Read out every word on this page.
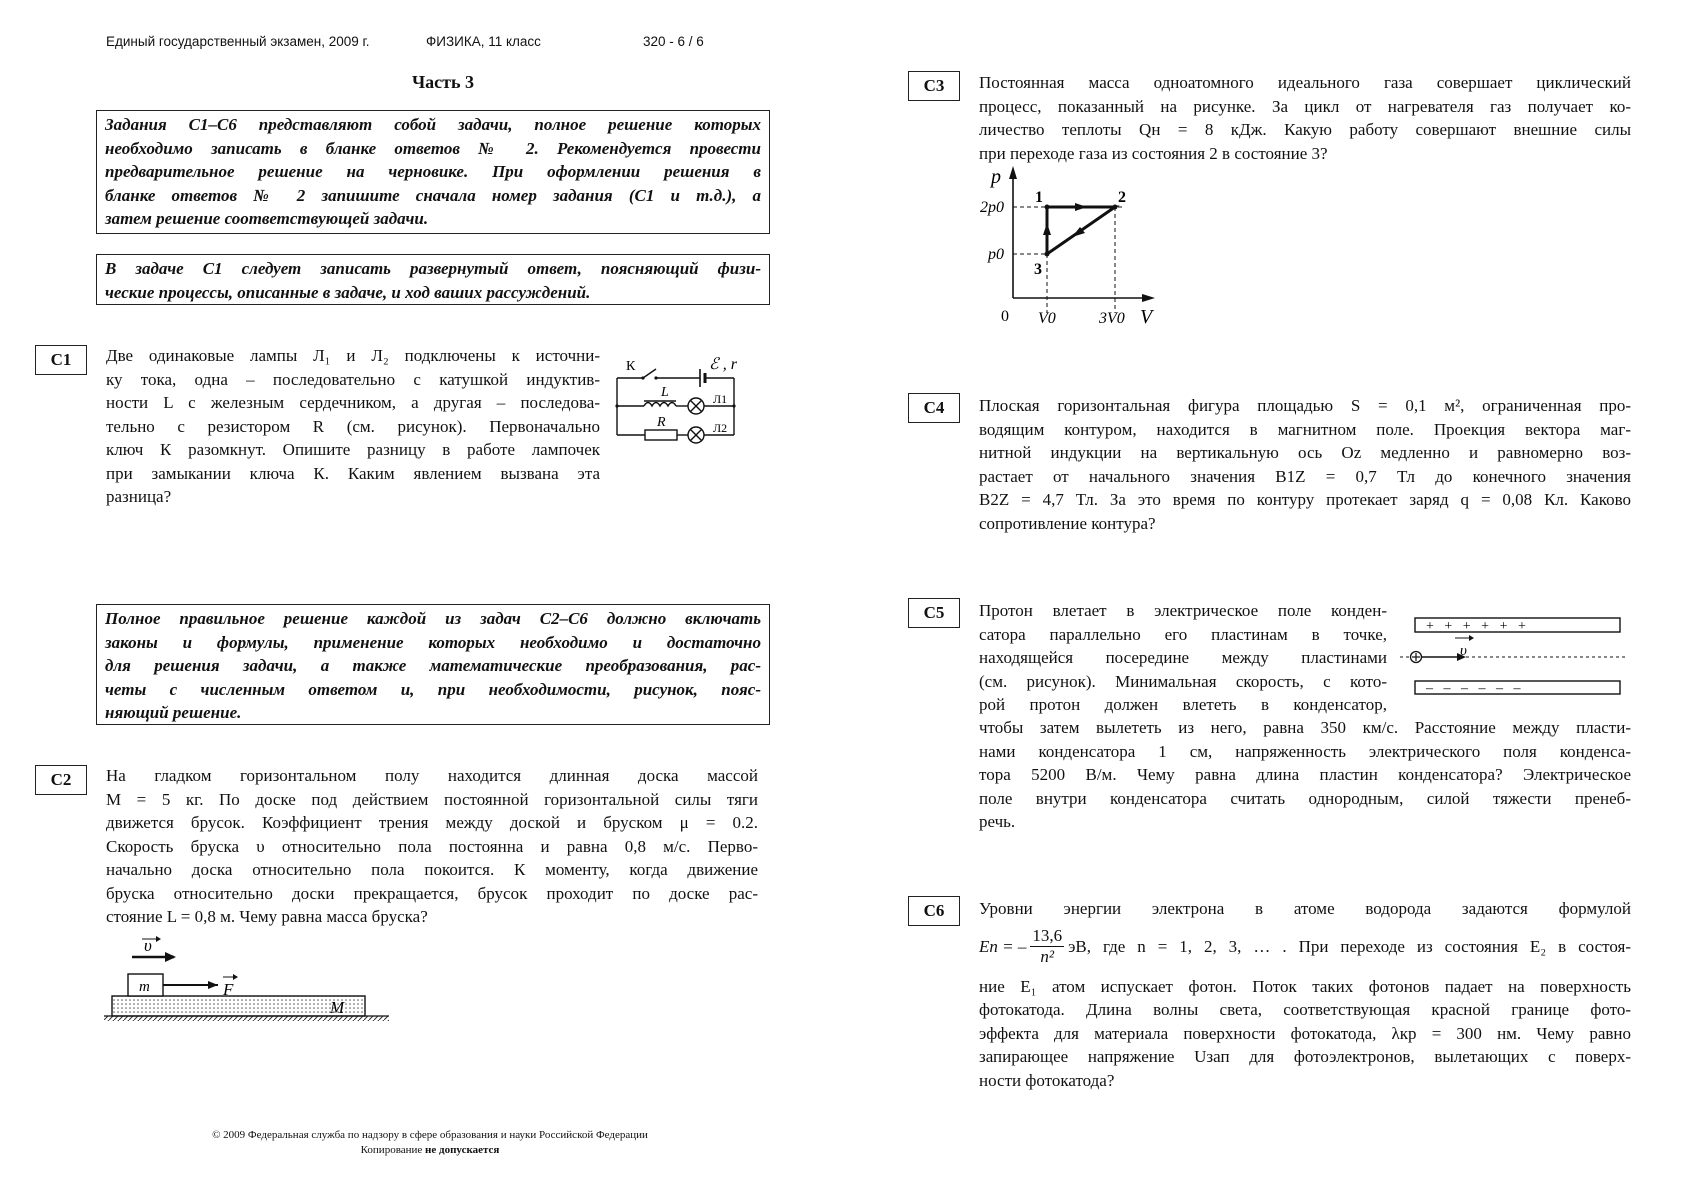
Единый государственный экзамен, 2009 г.	ФИЗИКА, 11 класс	320 - 6 / 6
Часть 3
Задания С1–С6 представляют собой задачи, полное решение которых
необходимо записать в бланке ответов № 2. Рекомендуется провести
предварительное решение на черновике. При оформлении решения в
бланке ответов № 2 запишите сначала номер задания (С1 и т.д.), а
затем решение соответствующей задачи.
В задаче С1 следует записать развернутый ответ, поясняющий физи-
ческие процессы, описанные в задаче, и ход ваших рассуждений.
C1	Две одинаковые лампы Л₁ и Л₂ подключены к источни-
ку тока, одна – последовательно с катушкой индуктив-
ности L с железным сердечником, а другая – последова-
тельно с резистором R (см. рисунок). Первоначально
ключ К разомкнут. Опишите разницу в работе лампочек
при замыкании ключа К. Каким явлением вызвана эта
разница?
К	ℰ , r
L
R
Л1
Л2
Полное правильное решение каждой из задач С2–С6 должно включать
законы и формулы, применение которых необходимо и достаточно
для решения задачи, а также математические преобразования, рас-
четы с численным ответом и, при необходимости, рисунок, пояс-
няющий решение.
C2	На гладком горизонтальном полу находится длинная доска массой
M = 5 кг. По доске под действием постоянной горизонтальной силы тяги
движется брусок. Коэффициент трения между доской и бруском μ = 0.2.
Скорость бруска υ относительно пола постоянна и равна 0,8 м/с. Перво-
начально доска относительно пола покоится. К моменту, когда движение
бруска относительно доски прекращается, брусок проходит по доске рас-
стояние L = 0,8 м. Чему равна масса бруска?
υ
F
m
M
C3	Постоянная масса одноатомного идеального газа совершает циклический
процесс, показанный на рисунке. За цикл от нагревателя газ получает ко-
личество теплоты Qн = 8 кДж. Какую работу совершают внешние силы
при переходе газа из состояния 2 в состояние 3?
p
V
0
2p0
p0
V0	3V0
1	2
3
C4	Плоская горизонтальная фигура площадью S = 0,1 м², ограниченная про-
водящим контуром, находится в магнитном поле. Проекция вектора маг-
нитной индукции на вертикальную ось Oz медленно и равномерно воз-
растает от начального значения B1Z = 0,7 Тл до конечного значения
B2Z = 4,7 Тл. За это время по контуру протекает заряд q = 0,08 Кл. Каково
сопротивление контура?
C5	Протон влетает в электрическое поле конден-
сатора параллельно его пластинам в точке,
находящейся посередине между пластинами
(см. рисунок). Минимальная скорость, с кото-
рой протон должен влететь в конденсатор,
чтобы затем вылететь из него, равна 350 км/с. Расстояние между пласти-
нами конденсатора 1 см, напряженность электрического поля конденса-
тора 5200 В/м. Чему равна длина пластин конденсатора? Электрическое
поле внутри конденсатора считать однородным, силой тяжести пренеб-
речь.
+   +   +   +   +   +
–   –   –   –   –   –
υ
C6	Уровни энергии электрона в атоме водорода задаются формулой
En = – $\frac{13,6}{\text{n²}}$ эВ, где n = 1, 2, 3, … . При переходе из состояния E₂ в состоя-
ние E₁ атом испускает фотон. Поток таких фотонов падает на поверхность
фотокатода. Длина волны света, соответствующая красной границе фото-
эффекта для материала поверхности фотокатода, λкр = 300 нм. Чему равно
запирающее напряжение Uзап для фотоэлектронов, вылетающих с поверх-
ности фотокатода?
© 2009 Федеральная служба по надзору в сфере образования и науки Российской Федерации
Копирование не допускается
